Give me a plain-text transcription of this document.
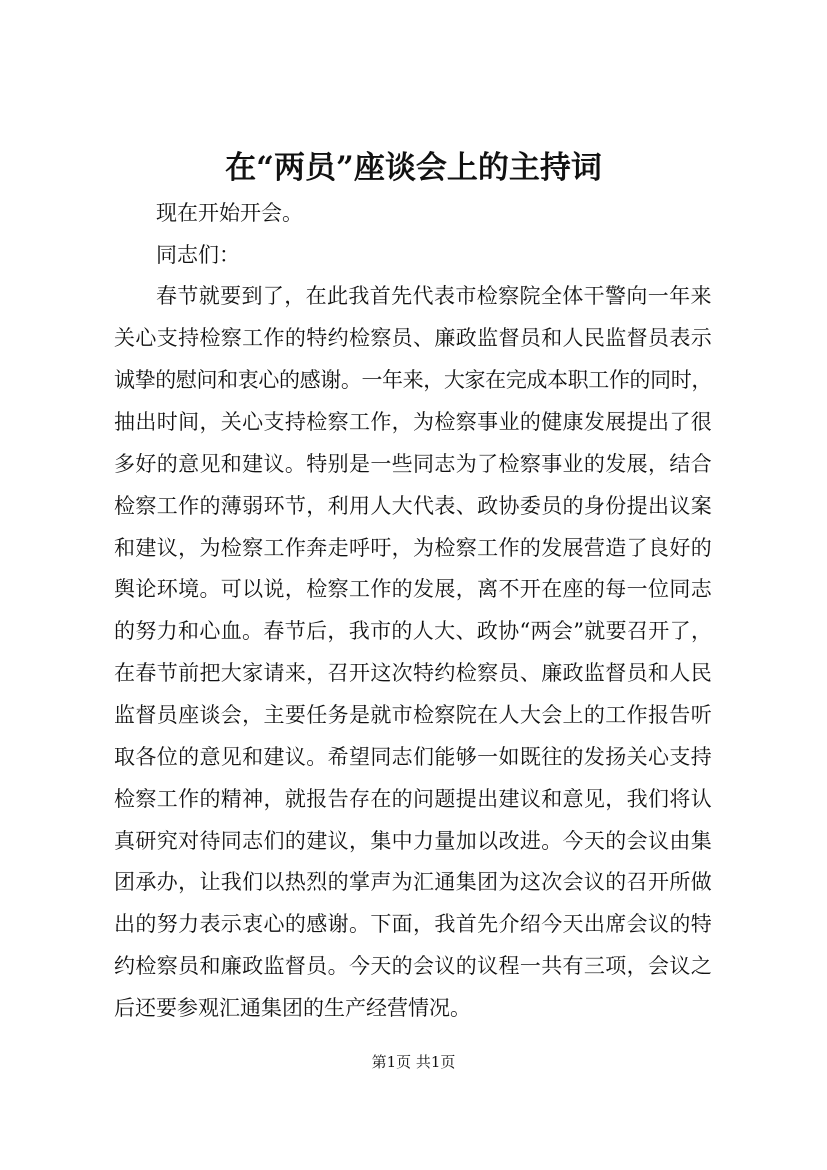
在“两员”座谈会上的主持词
现在开始开会。
同志们：
春节就要到了，在此我首先代表市检察院全体干警向一年来
关心支持检察工作的特约检察员、廉政监督员和人民监督员表示
诚挚的慰问和衷心的感谢。一年来，大家在完成本职工作的同时，
抽出时间，关心支持检察工作，为检察事业的健康发展提出了很
多好的意见和建议。特别是一些同志为了检察事业的发展，结合
检察工作的薄弱环节，利用人大代表、政协委员的身份提出议案
和建议，为检察工作奔走呼吁，为检察工作的发展营造了良好的
舆论环境。可以说，检察工作的发展，离不开在座的每一位同志
的努力和心血。春节后，我市的人大、政协“两会”就要召开了，
在春节前把大家请来，召开这次特约检察员、廉政监督员和人民
监督员座谈会，主要任务是就市检察院在人大会上的工作报告听
取各位的意见和建议。希望同志们能够一如既往的发扬关心支持
检察工作的精神，就报告存在的问题提出建议和意见，我们将认
真研究对待同志们的建议，集中力量加以改进。今天的会议由集
团承办，让我们以热烈的掌声为汇通集团为这次会议的召开所做
出的努力表示衷心的感谢。下面，我首先介绍今天出席会议的特
约检察员和廉政监督员。今天的会议的议程一共有三项，会议之
后还要参观汇通集团的生产经营情况。
第1页 共1页
